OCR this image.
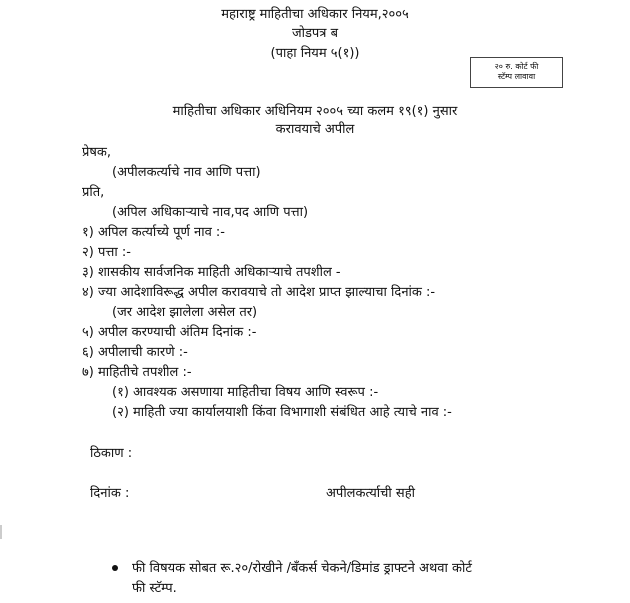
महाराष्ट्र माहितीचा अधिकार नियम,२००५
जोडपत्र ब
(पाहा नियम ५(१))
२० रु. कोर्ट फी
स्टॅम्प लावावा
माहितीचा अधिकार अधिनियम २००५ च्या कलम १९(१) नुसार
करावयाचे अपील
प्रेषक,
(अपीलकर्त्याचे नाव आणि पत्ता)
प्रति,
(अपिल अधिकाऱ्याचे नाव,पद आणि पत्ता)
१) अपिल कर्त्याच्ये पूर्ण नाव :-
२) पत्ता :-
३) शासकीय सार्वजनिक माहिती अधिकाऱ्याचे तपशील -
४) ज्या आदेशाविरूद्ध अपील करावयाचे तो आदेश प्राप्त झाल्याचा दिनांक :-
(जर आदेश झालेला असेल तर)
५) अपील करण्याची अंतिम दिनांक :-
६) अपीलाची कारणे :-
७) माहितीचे तपशील :-
(१) आवश्यक असणाया माहितीचा विषय आणि स्वरूप :-
(२) माहिती ज्या कार्यालयाशी किंवा विभागाशी संबंधित आहे त्याचे नाव :-
ठिकाण :
दिनांक :	अपीलकर्त्याची सही
फी विषयक सोबत रू.२०/रोखीने /बॅंकर्स चेकने/डिमांड ड्राफ्टने अथवा कोर्ट
फी स्टॅम्प.
